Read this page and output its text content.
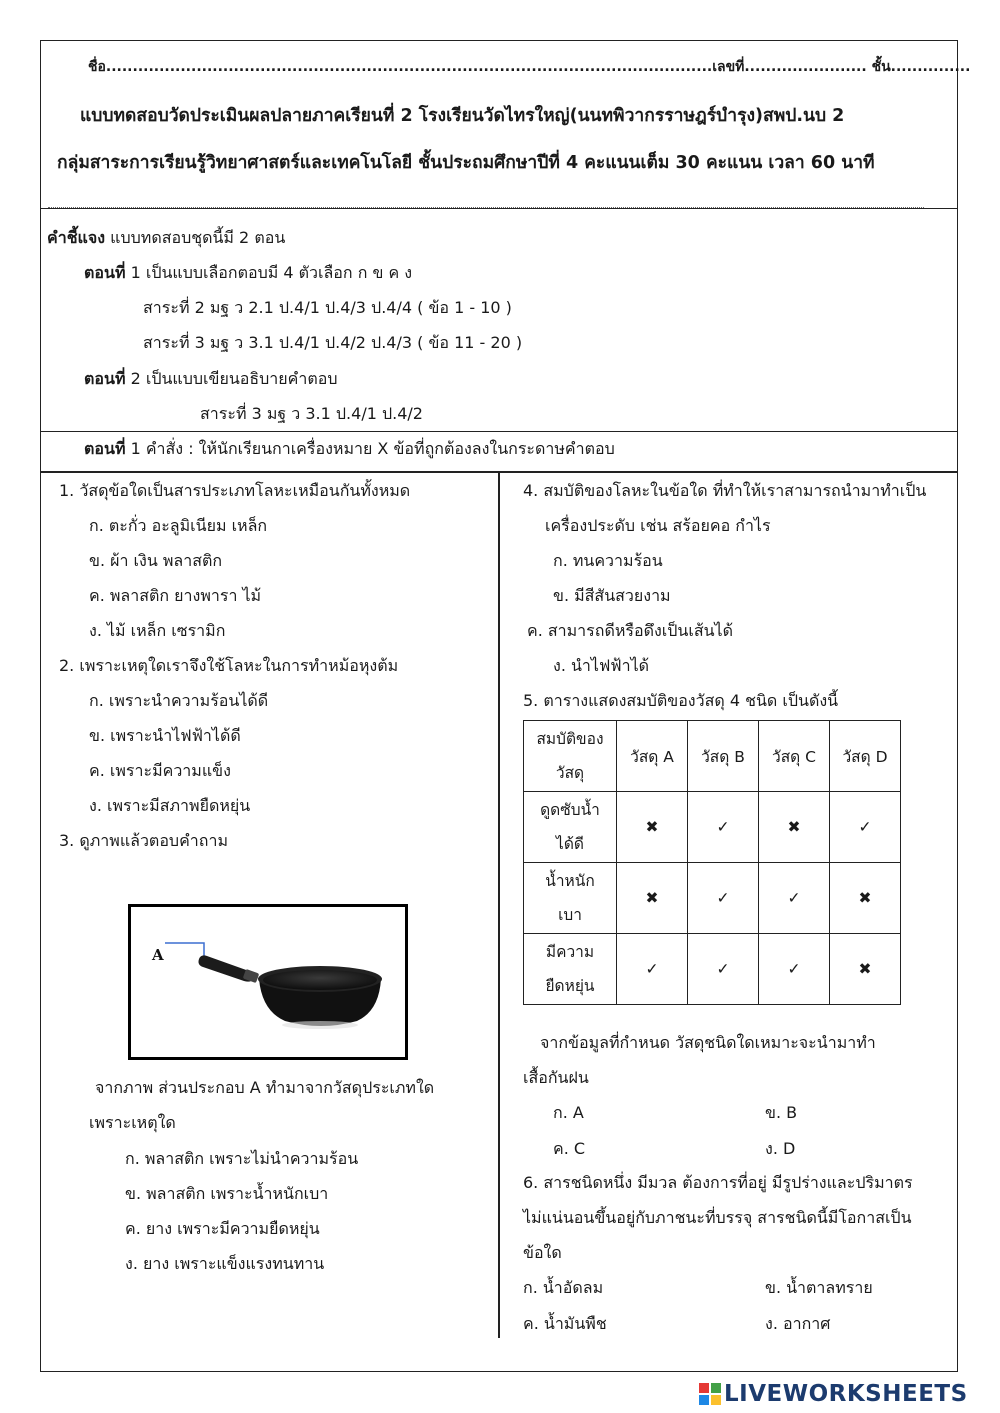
ชื่อ..................................................................................................................เลขที่....................... ชั้น...............
แบบทดสอบวัดประเมินผลปลายภาคเรียนที่ 2 โรงเรียนวัดไทรใหญ่(นนทพิวากรราษฎร์บำรุง)สพป.นบ 2
กลุ่มสาระการเรียนรู้วิทยาศาสตร์และเทคโนโลยี ชั้นประถมศึกษาปีที่ 4 คะแนนเต็ม 30 คะแนน เวลา 60 นาที
คำชี้แจง แบบทดสอบชุดนี้มี 2 ตอน
ตอนที่ 1 เป็นแบบเลือกตอบมี 4 ตัวเลือก ก ข ค ง
สาระที่ 2 มฐ ว 2.1 ป.4/1 ป.4/3 ป.4/4 ( ข้อ 1 - 10 )
สาระที่ 3 มฐ ว 3.1 ป.4/1 ป.4/2 ป.4/3 ( ข้อ 11 - 20 )
ตอนที่ 2 เป็นแบบเขียนอธิบายคำตอบ
สาระที่ 3 มฐ ว 3.1 ป.4/1 ป.4/2
ตอนที่ 1 คำสั่ง : ให้นักเรียนกาเครื่องหมาย X ข้อที่ถูกต้องลงในกระดาษคำตอบ
1. วัสดุข้อใดเป็นสารประเภทโลหะเหมือนกันทั้งหมด
ก. ตะกั่ว อะลูมิเนียม เหล็ก
ข. ผ้า เงิน พลาสติก
ค. พลาสติก ยางพารา ไม้
ง. ไม้ เหล็ก เซรามิก
2. เพราะเหตุใดเราจึงใช้โลหะในการทำหม้อหุงต้ม
ก. เพราะนำความร้อนได้ดี
ข. เพราะนำไฟฟ้าได้ดี
ค. เพราะมีความแข็ง
ง. เพราะมีสภาพยืดหยุ่น
3. ดูภาพแล้วตอบคำถาม
A
จากภาพ ส่วนประกอบ A ทำมาจากวัสดุประเภทใด
เพราะเหตุใด
ก. พลาสติก เพราะไม่นำความร้อน
ข. พลาสติก เพราะน้ำหนักเบา
ค. ยาง เพราะมีความยืดหยุ่น
ง. ยาง เพราะแข็งแรงทนทาน
4. สมบัติของโลหะในข้อใด ที่ทำให้เราสามารถนำมาทำเป็น
เครื่องประดับ เช่น สร้อยคอ กำไร
ก. ทนความร้อน
ข. มีสีสันสวยงาม
ค. สามารถดีหรือดึงเป็นเส้นได้
ง. นำไฟฟ้าได้
5. ตารางแสดงสมบัติของวัสดุ 4 ชนิด เป็นดังนี้
สมบัติของ
วัสดุ	วัสดุ A	วัสดุ B	วัสดุ C	วัสดุ D

ดูดซับน้ำ
ได้ดี	✖	✓	✖	✓

น้ำหนัก
เบา	✖	✓	✓	✖

มีความ
ยืดหยุ่น	✓	✓	✓	✖
จากข้อมูลที่กำหนด วัสดุชนิดใดเหมาะจะนำมาทำ
เสื้อกันฝน
ก. A	ข. B
ค. C	ง. D
6. สารชนิดหนึ่ง มีมวล ต้องการที่อยู่ มีรูปร่างและปริมาตร
ไม่แน่นอนขึ้นอยู่กับภาชนะที่บรรจุ สารชนิดนี้มีโอกาสเป็น
ข้อใด
ก. น้ำอัดลม	ข. น้ำตาลทราย
ค. น้ำมันพืช	ง. อากาศ
LIVEWORKSHEETS
